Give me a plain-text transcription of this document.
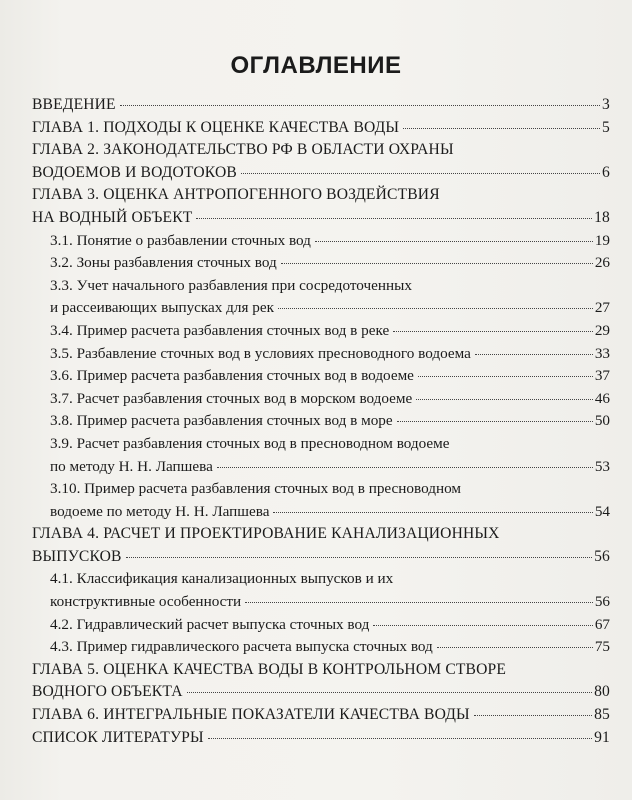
ОГЛАВЛЕНИЕ
ВВЕДЕНИЕ	3
ГЛАВА 1. ПОДХОДЫ К ОЦЕНКЕ КАЧЕСТВА ВОДЫ	5
ГЛАВА 2. ЗАКОНОДАТЕЛЬСТВО РФ В ОБЛАСТИ ОХРАНЫ
ВОДОЕМОВ И ВОДОТОКОВ	6
ГЛАВА 3. ОЦЕНКА АНТРОПОГЕННОГО ВОЗДЕЙСТВИЯ
НА ВОДНЫЙ ОБЪЕКТ	18
3.1. Понятие о разбавлении сточных вод	19
3.2. Зоны разбавления сточных вод	26
3.3. Учет начального разбавления при сосредоточенных
и рассеивающих выпусках для рек	27
3.4. Пример расчета разбавления сточных вод в реке	29
3.5. Разбавление сточных вод в условиях пресноводного водоема	33
3.6. Пример расчета разбавления сточных вод в водоеме	37
3.7. Расчет разбавления сточных вод в морском водоеме	46
3.8. Пример расчета разбавления сточных вод в море	50
3.9. Расчет разбавления сточных вод в пресноводном водоеме
по методу Н. Н. Лапшева	53
3.10. Пример расчета разбавления сточных вод в пресноводном
водоеме по методу Н. Н. Лапшева	54
ГЛАВА 4. РАСЧЕТ И ПРОЕКТИРОВАНИЕ КАНАЛИЗАЦИОННЫХ
ВЫПУСКОВ	56
4.1. Классификация канализационных выпусков и их
конструктивные особенности	56
4.2. Гидравлический расчет выпуска сточных вод	67
4.3. Пример гидравлического расчета выпуска сточных вод	75
ГЛАВА 5. ОЦЕНКА КАЧЕСТВА ВОДЫ В КОНТРОЛЬНОМ СТВОРЕ
ВОДНОГО ОБЪЕКТА	80
ГЛАВА 6. ИНТЕГРАЛЬНЫЕ ПОКАЗАТЕЛИ КАЧЕСТВА ВОДЫ	85
СПИСОК ЛИТЕРАТУРЫ	91
